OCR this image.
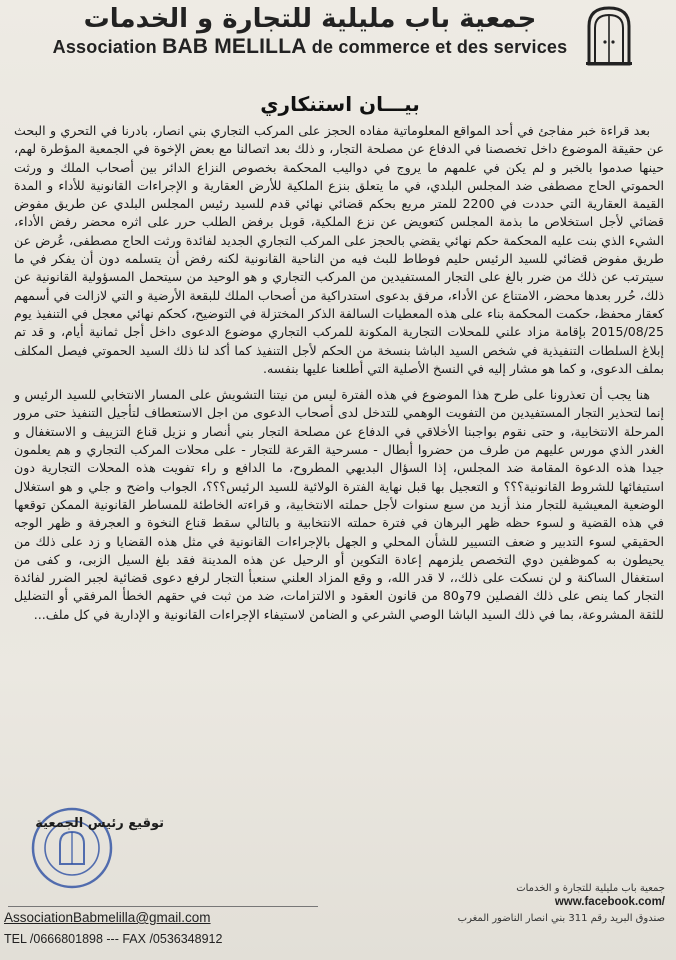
جمعية باب مليلية للتجارة و الخدمات
Association BAB MELILLA de commerce et des services
بيـــان استنكاري

بعد قراءة خبر مفاجئ في أحد المواقع المعلوماتية مفاده الحجز على المركب التجاري بني انصار، بادرنا في التحري و البحث عن حقيقة الموضوع داخل تخصصنا في الدفاع عن مصلحة التجار، و ذلك بعد اتصالنا مع بعض الإخوة في الجمعية المؤطرة لهم، حينها صدموا بالخبر و لم يكن في علمهم ما يروج في دواليب المحكمة بخصوص النزاع الدائر بين أصحاب الملك و ورثت الحموتي الحاج مصطفى ضد المجلس البلدي، في ما يتعلق بنزع الملكية للأرض العقارية و الإجراءات القانونية للأداء و المدة القيمة العقارية التي حددت في 2200 للمتر مربع بحكم قضائي نهائي قدم للسيد رئيس المجلس البلدي عن طريق مفوض قضائي لأجل استخلاص ما بذمة المجلس كتعويض عن نزع الملكية، قوبل برفض الطلب حرر على اثره محضر رفض الأداء، الشيء الذي بنت عليه المحكمة حكم نهائي يقضي بالحجز على المركب التجاري الجديد لفائدة ورثت الحاج مصطفى، عُرض عن طريق مفوض قضائي للسيد الرئيس حليم فوطاط للبث فيه من الناحية القانونية لكنه رفض أن يتسلمه دون أن يفكر في ما سيترتب عن ذلك من ضرر بالغ على التجار المستفيدين من المركب التجاري و هو الوحيد من سيتحمل المسؤولية القانونية عن ذلك، حُرر بعدها محضر، الامتناع عن الأداء، مرفق بدعوى استدراكية من أصحاب الملك للبقعة الأرضية و التي لازالت في أسمهم كعقار محفظ، حكمت المحكمة بناء على هذه المعطيات السالفة الذكر المختزلة في التوضيح، كحكم نهائي معجل في التنفيذ يوم 2015/08/25 بإقامة مزاد علني للمحلات التجارية المكونة للمركب التجاري موضوع الدعوى داخل أجل ثمانية أيام، و قد تم إبلاغ السلطات التنفيذية في شخص السيد الباشا بنسخة من الحكم لأجل التنفيذ كما أكد لنا ذلك السيد الحموتي فيصل المكلف بملف الدعوى، و كما هو مشار إليه في النسخ الأصلية التي أطلعنا عليها بنفسه.

هنا يجب أن تعذرونا على طرح هذا الموضوع في هذه الفترة ليس من نيتنا التشويش على المسار الانتخابي للسيد الرئيس و إنما لتحذير التجار المستفيدين من التفويت الوهمي للتدخل لدى أصحاب الدعوى من اجل الاستعطاف لتأجيل التنفيذ حتى مرور المرحلة الانتخابية، و حتى نقوم بواجبنا الأخلاقي في الدفاع عن مصلحة التجار بني أنصار و نزيل قناع التزييف و الاستغفال و الغدر الذي مورس عليهم من طرف من حضروا أبطال - مسرحية القرعة للتجار - على محلات المركب التجاري و هم يعلمون جيدا هذه الدعوة المقامة ضد المجلس، إذا السؤال البديهي المطروح، ما الدافع و راء تفويت هذه المحلات التجارية دون استيفائها للشروط القانونية؟؟؟ و التعجيل بها قبل نهاية الفترة الولائية للسيد الرئيس؟؟؟، الجواب واضح و جلي و هو استغلال الوضعية المعيشية للتجار منذ أزيد من سبع سنوات لأجل حملته الانتخابية، و قراءته الخاطئة للمساطر القانونية الممكن توقعها في هذه القضية و لسوء حظه ظهر البرهان في فترة حملته الانتخابية و بالتالي سقط قناع النخوة و العجرفة و ظهر الوجه الحقيقي لسوء التدبير و ضعف التسيير للشأن المحلي و الجهل بالإجراءات القانونية في مثل هذه القضايا و زد على ذلك من يحيطون به كموظفين دوي التخصص يلزمهم إعادة التكوين أو الرحيل عن هذه المدينة فقد بلغ السيل الزبى، و كفى من استغفال الساكنة و لن نسكت على ذلك،، لا قدر الله، و وقع المزاد العلني سنعبأ التجار لرفع دعوى قضائية لجبر الضرر لفائدة التجار كما ينص على ذلك الفصلين 79و80 من قانون العقود و الالتزامات، ضد من ثبت في حقهم الخطأ المرفقي أو التضليل للثقة المشروعة، بما في ذلك السيد الباشا الوصي الشرعي و الضامن لاستيفاء الإجراءات القانونية و الإدارية في كل ملف...

توقيع رئيس الجمعية
جمعية باب مليلية للتجارة و الخدمات
www.facebook.com/
صندوق البريد رقم 311 بني انصار الناضور المغرب
AssociationBabmelilla@gmail.com
TEL /0666801898 --- FAX /0536348912
